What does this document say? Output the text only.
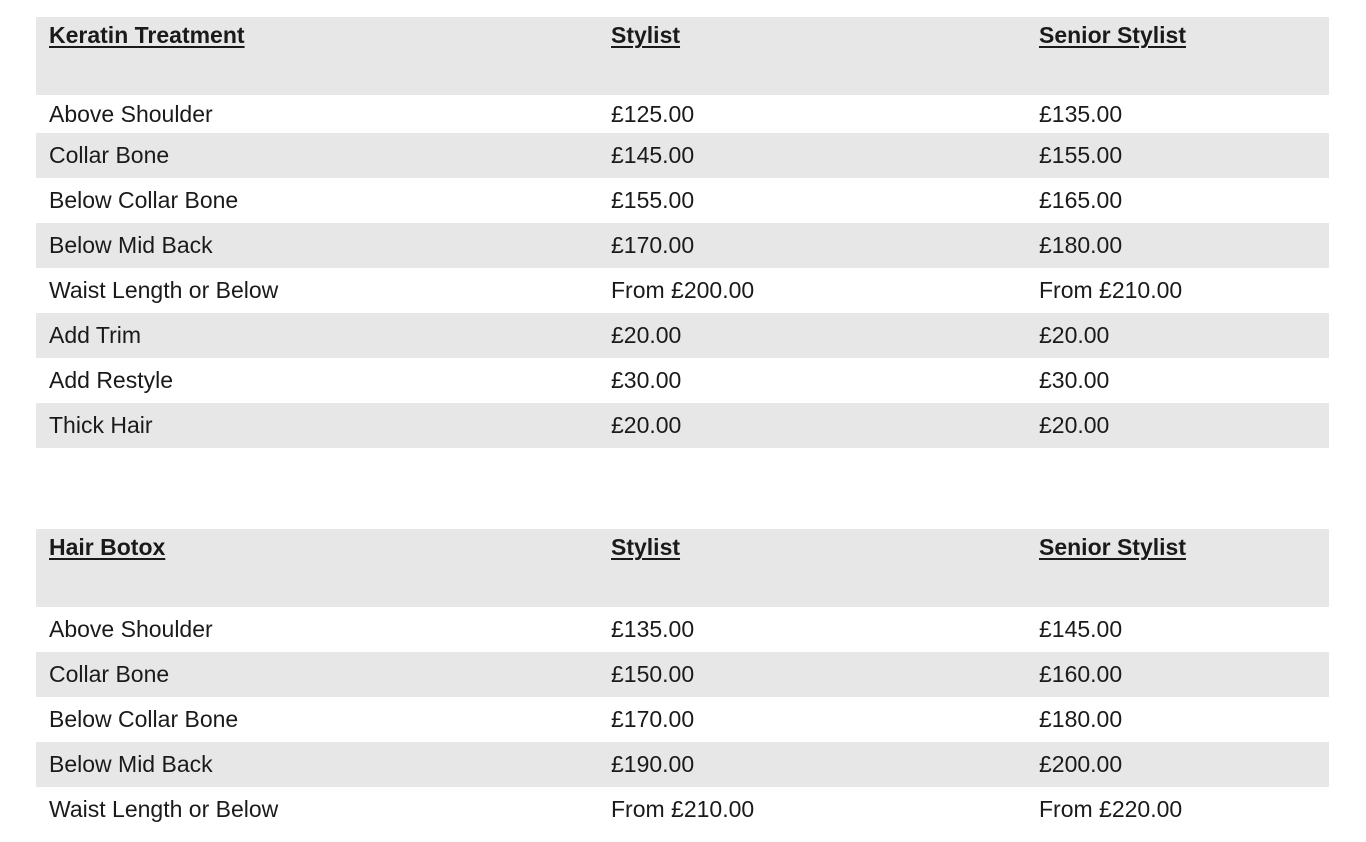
Keratin Treatment	Stylist	Senior Stylist
Above Shoulder	£125.00	£135.00
Collar Bone	£145.00	£155.00
Below Collar Bone	£155.00	£165.00
Below Mid Back	£170.00	£180.00
Waist Length or Below	From £200.00	From £210.00
Add Trim	£20.00	£20.00
Add Restyle	£30.00	£30.00
Thick Hair	£20.00	£20.00
Hair Botox	Stylist	Senior Stylist
Above Shoulder	£135.00	£145.00
Collar Bone	£150.00	£160.00
Below Collar Bone	£170.00	£180.00
Below Mid Back	£190.00	£200.00
Waist Length or Below	From £210.00	From £220.00
